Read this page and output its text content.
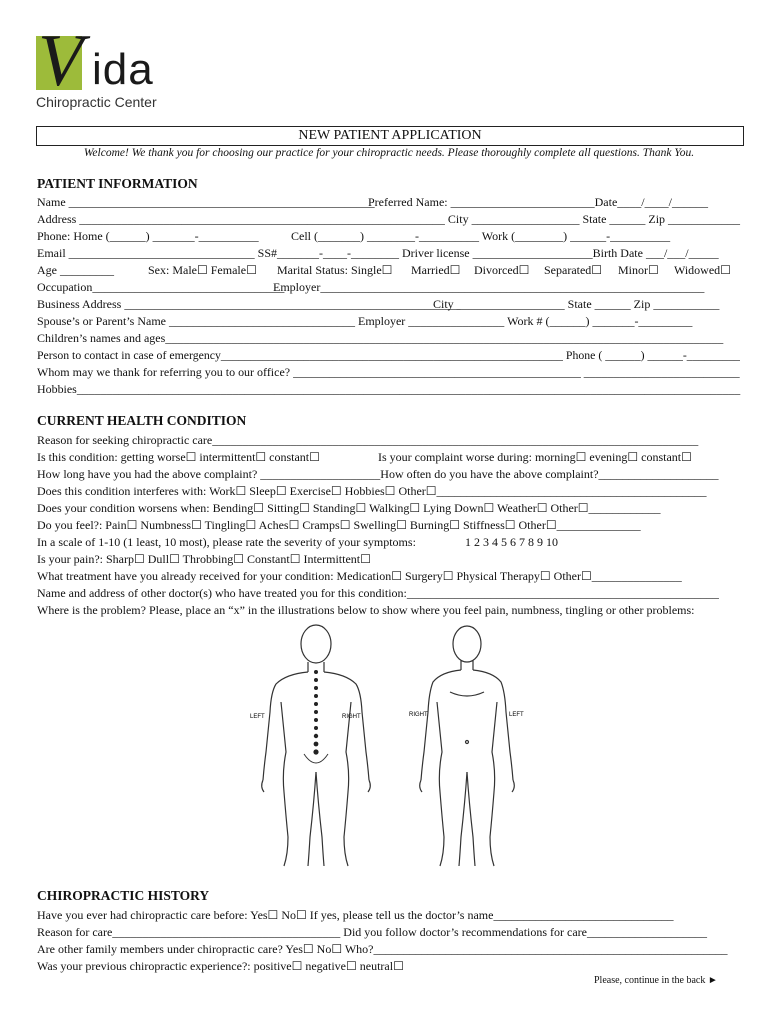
V ida
Chiropractic Center
NEW PATIENT APPLICATION
Welcome! We thank you for choosing our practice for your chiropractic needs. Please thoroughly complete all questions. Thank You.
PATIENT INFORMATION
Name ___________________________________________________
Preferred Name: ________________________Date____/____/______
Address _____________________________________________________________ City __________________ State ______ Zip ____________
Phone: Home (______) _______-__________	Cell (_______) ________-__________ Work (________) ______-__________
Email _______________________________ SS#_______-____-________ Driver license ____________________Birth Date ___/___/_____
Age _________	Sex: Male☐ Female☐ Marital Status: Single☐ Married☐ Divorced☐ Separated☐ Minor☐ Widowed☐
Occupation________________________________
Employer________________________________________________________________
Business Address ________________________________________________________
City __________________ State ______ Zip ___________
Spouse’s or Parent’s Name _______________________________ Employer ________________ Work # (______) _______-_________
Children’s names and ages_____________________________________________________________________________________________
Person to contact in case of emergency__________________________________________________________ Phone ( ______) ______-_________
Whom may we thank for referring you to our office? ________________________________________________ __________________________
Hobbies_______________________________________________________________________________________________________________
CURRENT HEALTH CONDITION
Reason for seeking chiropractic care_________________________________________________________________________________
Is this condition: getting worse☐ intermittent☐ constant☐	Is your complaint worse during: morning☐ evening☐ constant☐
How long have you had the above complaint? ____________________How often do you have the above complaint?____________________
Does this condition interferes with: Work☐ Sleep☐ Exercise☐ Hobbies☐ Other☐_____________________________________________
Does your condition worsens when: Bending☐ Sitting☐ Standing☐ Walking☐ Lying Down☐ Weather☐ Other☐____________
Do you feel?: Pain☐ Numbness☐ Tingling☐ Aches☐ Cramps☐ Swelling☐ Burning☐ Stiffness☐ Other☐______________
In a scale of 1-10 (1 least, 10 most), please rate the severity of your symptoms:	1 2 3 4 5 6 7 8 9 10
Is your pain?: Sharp☐ Dull☐ Throbbing☐ Constant☐ Intermittent☐
What treatment have you already received for your condition: Medication☐ Surgery☐ Physical Therapy☐ Other☐_______________
Name and address of other doctor(s) who have treated you for this condition:____________________________________________________
Where is the problem? Please, place an “x” in the illustrations below to show where you feel pain, numbness, tingling or other problems:
LEFT	RIGHT	RIGHT	LEFT
CHIROPRACTIC HISTORY
Have you ever had chiropractic care before: Yes☐ No☐ If yes, please tell us the doctor’s name______________________________
Reason for care______________________________________ Did you follow doctor’s recommendations for care____________________
Are other family members under chiropractic care? Yes☐ No☐ Who?___________________________________________________________
Was your previous chiropractic experience?: positive☐ negative☐ neutral☐
Please, continue in the back ►
